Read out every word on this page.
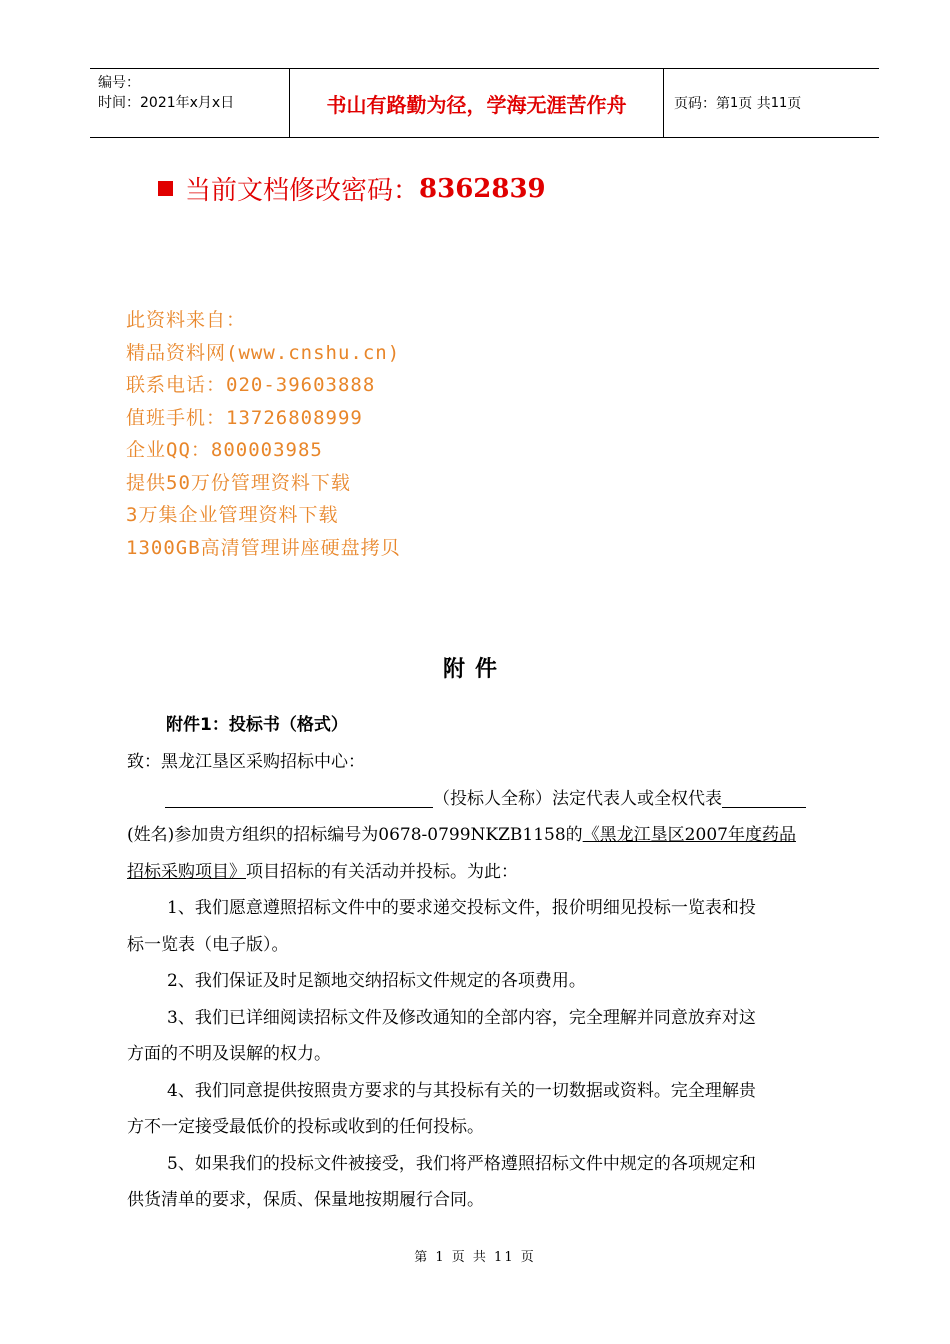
编号：
时间：2021年x月x日	书山有路勤为径，学海无涯苦作舟	页码：第 1 页 共 11 页
当前文档修改密码： 8362839
此资料来自：
精品资料网(www.cnshu.cn)
联系电话：020-39603888
值班手机：13726808999
企业QQ：800003985
提供50万份管理资料下载
3万集企业管理资料下载
1300GB高清管理讲座硬盘拷贝
附件
附件1：投标书（格式）

致：黑龙江垦区采购招标中心：

（投标人全称）法定代表人或全权代表

(姓名)参加贵方组织的招标编号为0678-0799NKZB1158的《黑龙江垦区2007年度药品

招标采购项目》项目招标的有关活动并投标。为此：

1、我们愿意遵照招标文件中的要求递交投标文件，报价明细见投标一览表和投

标一览表（电子版）。

2、我们保证及时足额地交纳招标文件规定的各项费用。

3、我们已详细阅读招标文件及修改通知的全部内容，完全理解并同意放弃对这

方面的不明及误解的权力。

4、我们同意提供按照贵方要求的与其投标有关的一切数据或资料。完全理解贵

方不一定接受最低价的投标或收到的任何投标。

5、如果我们的投标文件被接受，我们将严格遵照招标文件中规定的各项规定和

供货清单的要求，保质、保量地按期履行合同。

第 1 页 共 11 页
